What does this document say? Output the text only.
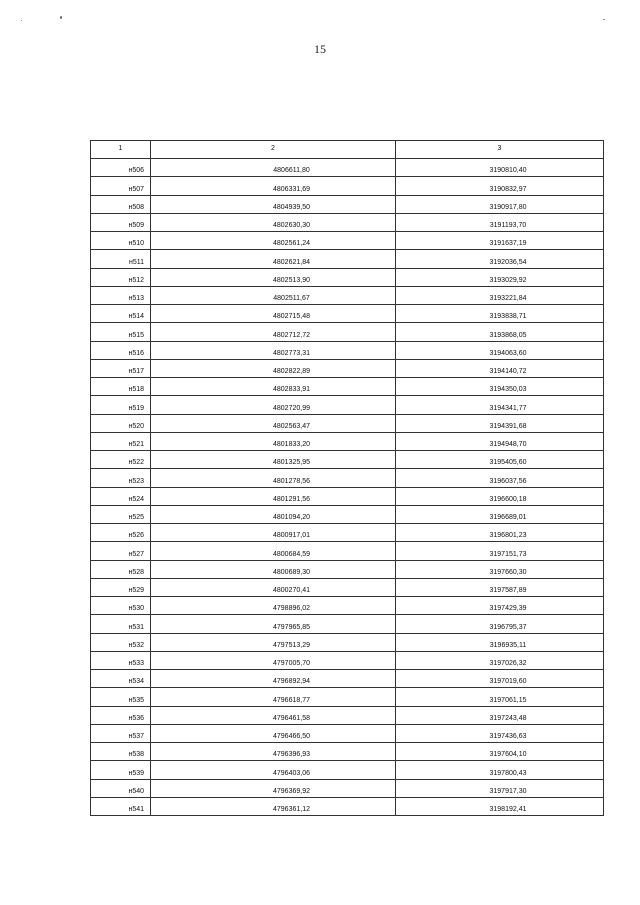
15
1	2	3
н506	4806611,80	3190810,40
н507	4806331,69	3190832,97
н508	4804939,50	3190917,80
н509	4802630,30	3191193,70
н510	4802561,24	3191637,19
н511	4802621,84	3192036,54
н512	4802513,90	3193029,92
н513	4802511,67	3193221,84
н514	4802715,48	3193838,71
н515	4802712,72	3193868,05
н516	4802773,31	3194063,60
н517	4802822,89	3194140,72
н518	4802833,91	3194350,03
н519	4802720,99	3194341,77
н520	4802563,47	3194391,68
н521	4801833,20	3194948,70
н522	4801325,95	3195405,60
н523	4801278,56	3196037,56
н524	4801291,56	3196600,18
н525	4801094,20	3196689,01
н526	4800917,01	3196801,23
н527	4800684,59	3197151,73
н528	4800689,30	3197660,30
н529	4800270,41	3197587,89
н530	4798896,02	3197429,39
н531	4797965,85	3196795,37
н532	4797513,29	3196935,11
н533	4797005,70	3197026,32
н534	4796892,94	3197019,60
н535	4796618,77	3197061,15
н536	4796461,58	3197243,48
н537	4796466,50	3197436,63
н538	4796396,93	3197604,10
н539	4796403,06	3197800,43
н540	4796369,92	3197917,30
н541	4796361,12	3198192,41
